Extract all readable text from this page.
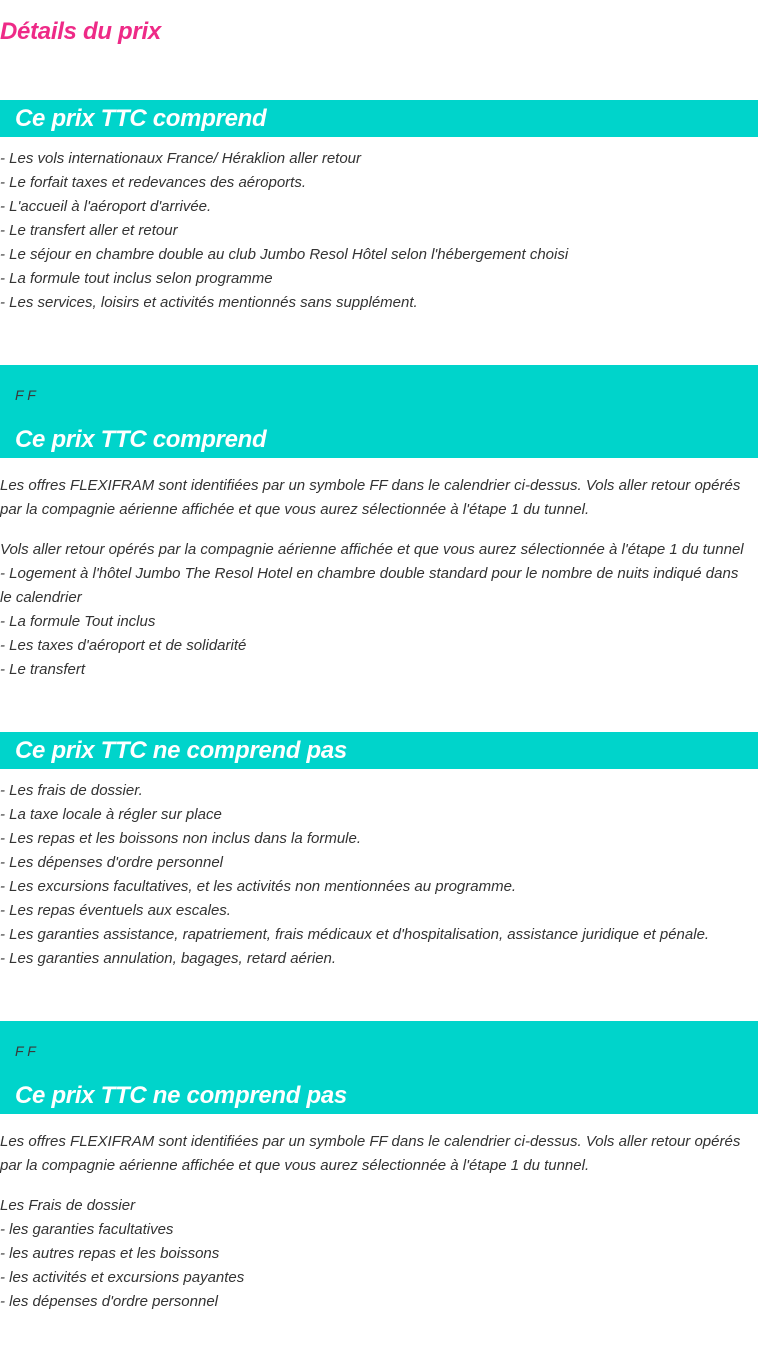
Détails du prix
Ce prix TTC comprend
- Les vols internationaux France/ Héraklion aller retour
- Le forfait taxes et redevances des aéroports.
- L'accueil à l'aéroport d'arrivée.
- Le transfert aller et retour
- Le séjour en chambre double au club Jumbo Resol Hôtel selon l'hébergement choisi
- La formule tout inclus selon programme
- Les services, loisirs et activités mentionnés sans supplément.
F F
Ce prix TTC comprend

Les offres FLEXIFRAM sont identifiées par un symbole FF dans le calendrier ci-dessus. Vols aller retour opérés par la compagnie aérienne affichée et que vous aurez sélectionnée à l'étape 1 du tunnel.

Vols aller retour opérés par la compagnie aérienne affichée et que vous aurez sélectionnée à l'étape 1 du tunnel
- Logement à l'hôtel Jumbo The Resol Hotel en chambre double standard pour le nombre de nuits indiqué dans le calendrier
- La formule Tout inclus
- Les taxes d'aéroport et de solidarité
- Le transfert
Ce prix TTC ne comprend pas
- Les frais de dossier.
- La taxe locale à régler sur place
- Les repas et les boissons non inclus dans la formule.
- Les dépenses d'ordre personnel
- Les excursions facultatives, et les activités non mentionnées au programme.
- Les repas éventuels aux escales.
- Les garanties assistance, rapatriement, frais médicaux et d'hospitalisation, assistance juridique et pénale.
- Les garanties annulation, bagages, retard aérien.
F F
Ce prix TTC ne comprend pas

Les offres FLEXIFRAM sont identifiées par un symbole FF dans le calendrier ci-dessus. Vols aller retour opérés par la compagnie aérienne affichée et que vous aurez sélectionnée à l'étape 1 du tunnel.

Les Frais de dossier
- les garanties facultatives
- les autres repas et les boissons
- les activités et excursions payantes
- les dépenses d'ordre personnel
